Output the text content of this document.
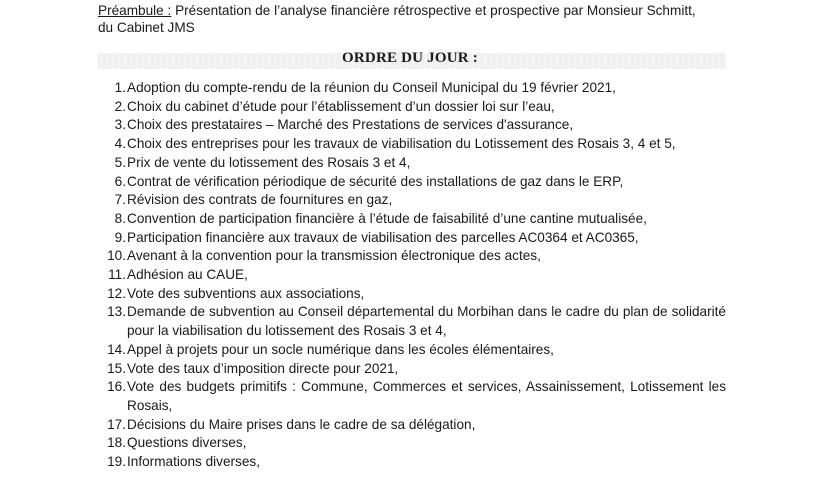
Préambule : Présentation de l’analyse financière rétrospective et prospective par Monsieur Schmitt,
du Cabinet JMS
ORDRE DU JOUR :
1. Adoption du compte-rendu de la réunion du Conseil Municipal du 19 février 2021,
2. Choix du cabinet d’étude pour l’établissement d’un dossier loi sur l’eau,
3. Choix des prestataires – Marché des Prestations de services d'assurance,
4. Choix des entreprises pour les travaux de viabilisation du Lotissement des Rosais 3, 4 et 5,
5. Prix de vente du lotissement des Rosais 3 et 4,
6. Contrat de vérification périodique de sécurité des installations de gaz dans le ERP,
7. Révision des contrats de fournitures en gaz,
8. Convention de participation financière à l’étude de faisabilité d’une cantine mutualisée,
9. Participation financière aux travaux de viabilisation des parcelles AC0364 et AC0365,
10. Avenant à la convention pour la transmission électronique des actes,
11. Adhésion au CAUE,
12. Vote des subventions aux associations,
13. Demande de subvention au Conseil départemental du Morbihan dans le cadre du plan de solidarité pour la viabilisation du lotissement des Rosais 3 et 4,
14. Appel à projets pour un socle numérique dans les écoles élémentaires,
15. Vote des taux d’imposition directe pour 2021,
16. Vote des budgets primitifs : Commune, Commerces et services, Assainissement, Lotissement les Rosais,
17. Décisions du Maire prises dans le cadre de sa délégation,
18. Questions diverses,
19. Informations diverses,
